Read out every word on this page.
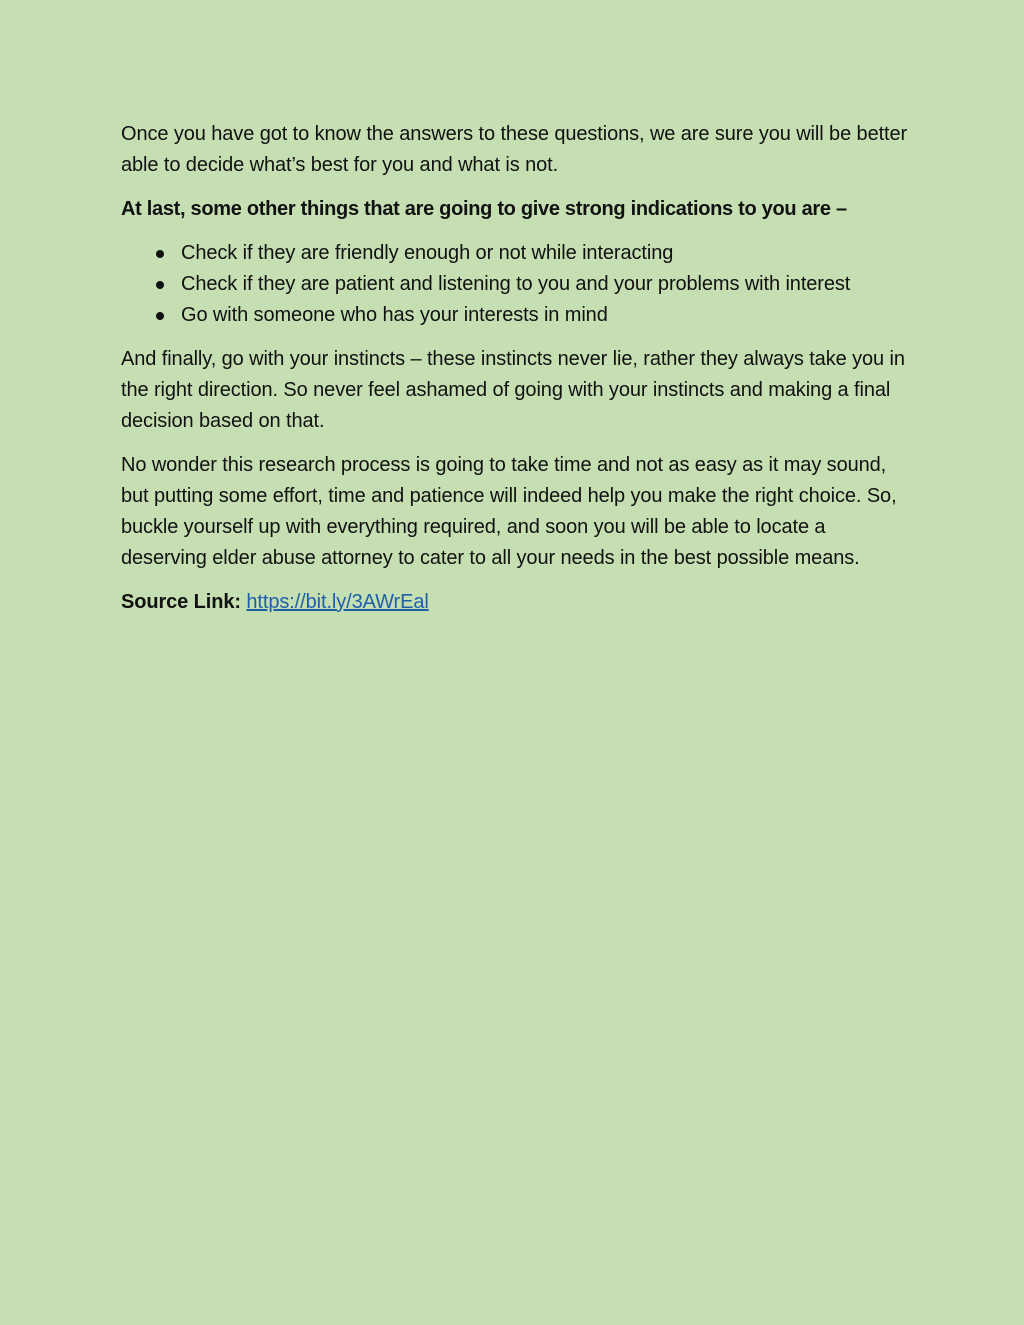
Once you have got to know the answers to these questions, we are sure you will be better able to decide what’s best for you and what is not.

At last, some other things that are going to give strong indications to you are –

Check if they are friendly enough or not while interacting
Check if they are patient and listening to you and your problems with interest
Go with someone who has your interests in mind

And finally, go with your instincts – these instincts never lie, rather they always take you in the right direction. So never feel ashamed of going with your instincts and making a final decision based on that.

No wonder this research process is going to take time and not as easy as it may sound, but putting some effort, time and patience will indeed help you make the right choice. So, buckle yourself up with everything required, and soon you will be able to locate a deserving elder abuse attorney to cater to all your needs in the best possible means.

Source Link: https://bit.ly/3AWrEal
